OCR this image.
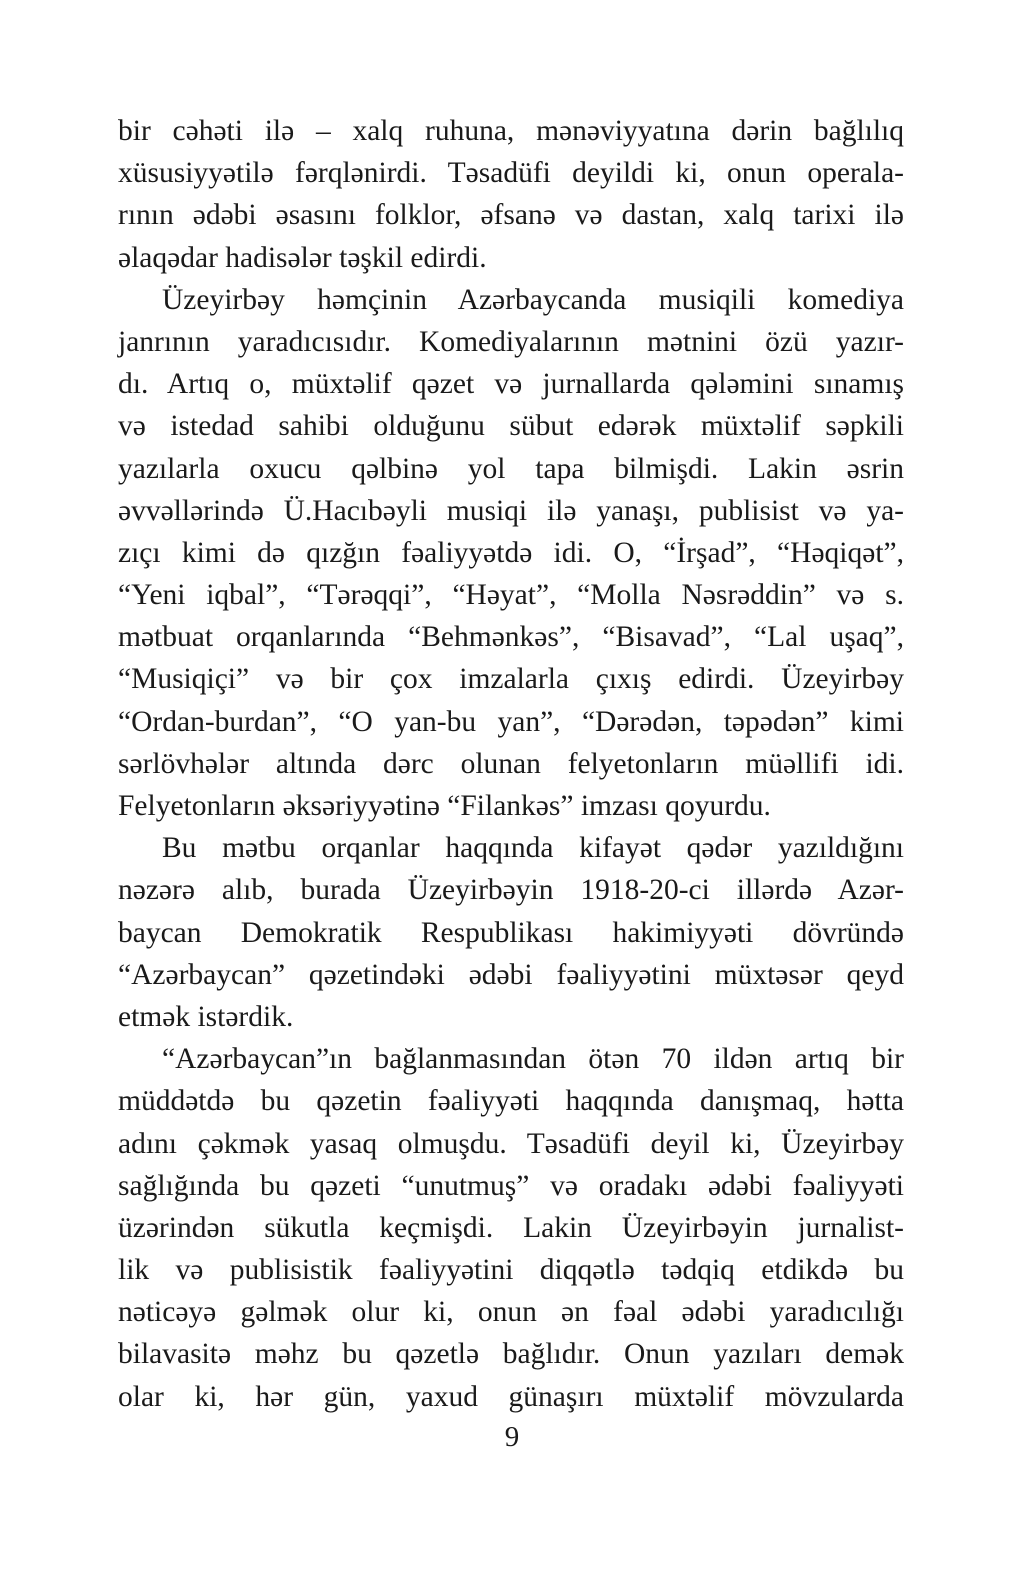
bir cəhəti ilə – xalq ruhuna, mənəviyyatına dərin bağlılıq
xüsusiyyətilə fərqlənirdi. Təsadüfi deyildi ki, onun operala-
rının ədəbi əsasını folklor, əfsanə və dastan, xalq tarixi ilə
əlaqədar hadisələr təşkil edirdi.
Üzeyirbəy həmçinin Azərbaycanda musiqili komediya
janrının yaradıcısıdır. Komediyalarının mətnini özü yazır-
dı. Artıq o, müxtəlif qəzet və jurnallarda qələmini sınamış
və istedad sahibi olduğunu sübut edərək müxtəlif səpkili
yazılarla oxucu qəlbinə yol tapa bilmişdi. Lakin əsrin
əvvəllərində Ü.Hacıbəyli musiqi ilə yanaşı, publisist və ya-
zıçı kimi də qızğın fəaliyyətdə idi. O, “İrşad”, “Həqiqət”,
“Yeni iqbal”, “Tərəqqi”, “Həyat”, “Molla Nəsrəddin” və s.
mətbuat orqanlarında “Behmənkəs”, “Bisavad”, “Lal uşaq”,
“Musiqiçi” və bir çox imzalarla çıxış edirdi. Üzeyirbəy
“Ordan-burdan”, “O yan-bu yan”, “Dərədən, təpədən” kimi
sərlövhələr altında dərc olunan felyetonların müəllifi idi.
Felyetonların əksəriyyətinə “Filankəs” imzası qoyurdu.
Bu mətbu orqanlar haqqında kifayət qədər yazıldığını
nəzərə alıb, burada Üzeyirbəyin 1918-20-ci illərdə Azər-
baycan Demokratik Respublikası hakimiyyəti dövründə
“Azərbaycan” qəzetindəki ədəbi fəaliyyətini müxtəsər qeyd
etmək istərdik.
“Azərbaycan”ın bağlanmasından ötən 70 ildən artıq bir
müddətdə bu qəzetin fəaliyyəti haqqında danışmaq, hətta
adını çəkmək yasaq olmuşdu. Təsadüfi deyil ki, Üzeyirbəy
sağlığında bu qəzeti “unutmuş” və oradakı ədəbi fəaliyyəti
üzərindən sükutla keçmişdi. Lakin Üzeyirbəyin jurnalist-
lik və publisistik fəaliyyətini diqqətlə tədqiq etdikdə bu
nəticəyə gəlmək olur ki, onun ən fəal ədəbi yaradıcılığı
bilavasitə məhz bu qəzetlə bağlıdır. Onun yazıları demək
olar ki, hər gün, yaxud günaşırı müxtəlif mövzularda
9
